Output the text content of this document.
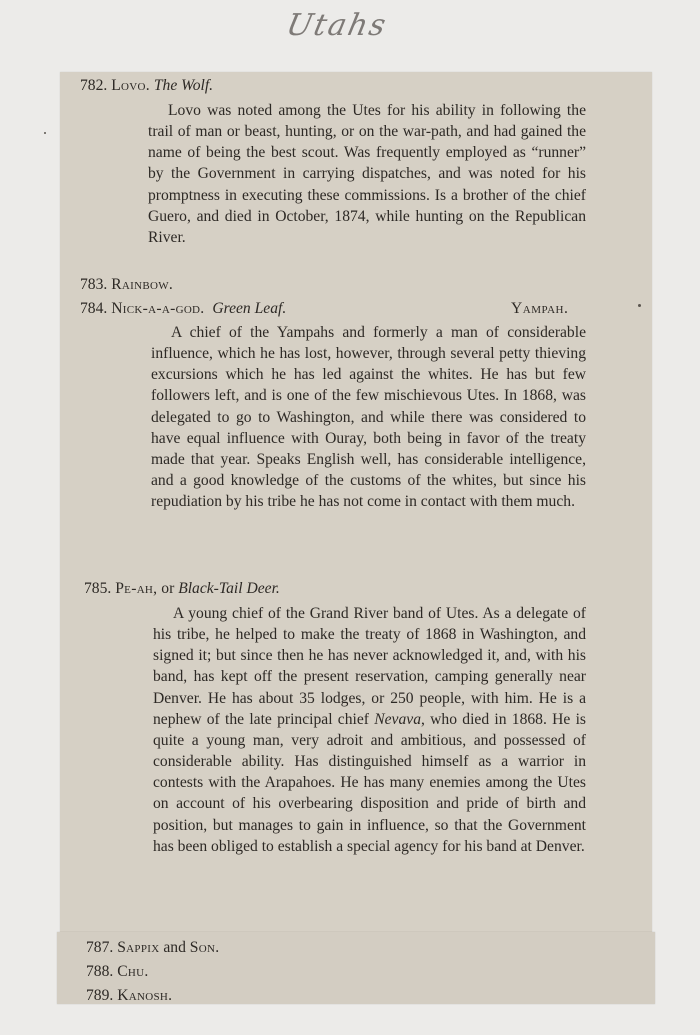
Utahs
782. Lovo. The Wolf.
Lovo was noted among the Utes for his ability in following the trail of man or beast, hunting, or on the war-path, and had gained the name of being the best scout. Was frequently employed as “runner” by the Government in carrying dispatches, and was noted for his promptness in executing these commissions. Is a brother of the chief Guero, and died in October, 1874, while hunting on the Republican River.
783. Rainbow.
784. Nick-a-a-god. Green Leaf.	Yampah.
A chief of the Yampahs and formerly a man of considerable influence, which he has lost, however, through several petty thieving excursions which he has led against the whites. He has but few followers left, and is one of the few mischievous Utes. In 1868, was delegated to go to Washington, and while there was considered to have equal influence with Ouray, both being in favor of the treaty made that year. Speaks English well, has considerable intelligence, and a good knowledge of the customs of the whites, but since his repudiation by his tribe he has not come in contact with them much.
785. Pe-ah, or Black-Tail Deer.
A young chief of the Grand River band of Utes. As a delegate of his tribe, he helped to make the treaty of 1868 in Washington, and signed it; but since then he has never acknowledged it, and, with his band, has kept off the present reservation, camping generally near Denver. He has about 35 lodges, or 250 people, with him. He is a nephew of the late principal chief Nevava, who died in 1868. He is quite a young man, very adroit and ambitious, and possessed of considerable ability. Has distinguished himself as a warrior in contests with the Arapahoes. He has many enemies among the Utes on account of his overbearing disposition and pride of birth and position, but manages to gain in influence, so that the Government has been obliged to establish a special agency for his band at Denver.
787. Sappix and Son.
788. Chu.
789. Kanosh.
